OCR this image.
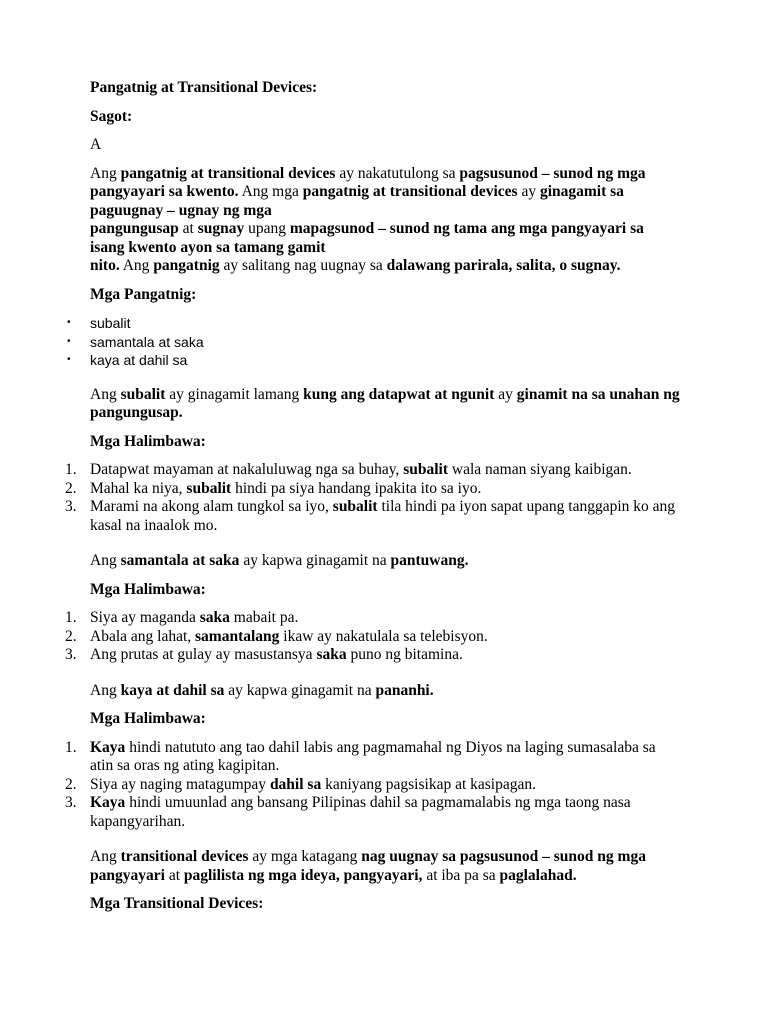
Pangatnig at Transitional Devices:

Sagot:

A

Ang pangatnig at transitional devices ay nakatutulong sa pagsusunod – sunod ng mga pangyayari sa kwento. Ang mga pangatnig at transitional devices ay ginagamit sa paguugnay – ugnay ng mga
pangungusap at sugnay upang mapagsunod – sunod ng tama ang mga pangyayari sa isang kwento ayon sa tamang gamit
nito. Ang pangatnig ay salitang nag uugnay sa dalawang parirala, salita, o sugnay.

Mga Pangatnig:

• subalit
• samantala at saka
• kaya at dahil sa

Ang subalit ay ginagamit lamang kung ang datapwat at ngunit ay ginamit na sa unahan ng pangungusap.

Mga Halimbawa:

1. Datapwat mayaman at nakaluluwag nga sa buhay, subalit wala naman siyang kaibigan.
2. Mahal ka niya, subalit hindi pa siya handang ipakita ito sa iyo.
3. Marami na akong alam tungkol sa iyo, subalit tila hindi pa iyon sapat upang tanggapin ko ang kasal na inaalok mo.

Ang samantala at saka ay kapwa ginagamit na pantuwang.

Mga Halimbawa:

1. Siya ay maganda saka mabait pa.
2. Abala ang lahat, samantalang ikaw ay nakatulala sa telebisyon.
3. Ang prutas at gulay ay masustansya saka puno ng bitamina.

Ang kaya at dahil sa ay kapwa ginagamit na pananhi.

Mga Halimbawa:

1. Kaya hindi natututo ang tao dahil labis ang pagmamahal ng Diyos na laging sumasalaba sa atin sa oras ng ating kagipitan.
2. Siya ay naging matagumpay dahil sa kaniyang pagsisikap at kasipagan.
3. Kaya hindi umuunlad ang bansang Pilipinas dahil sa pagmamalabis ng mga taong nasa kapangyarihan.

Ang transitional devices ay mga katagang nag uugnay sa pagsusunod – sunod ng mga pangyayari at paglilista ng mga ideya, pangyayari, at iba pa sa paglalahad.

Mga Transitional Devices:
